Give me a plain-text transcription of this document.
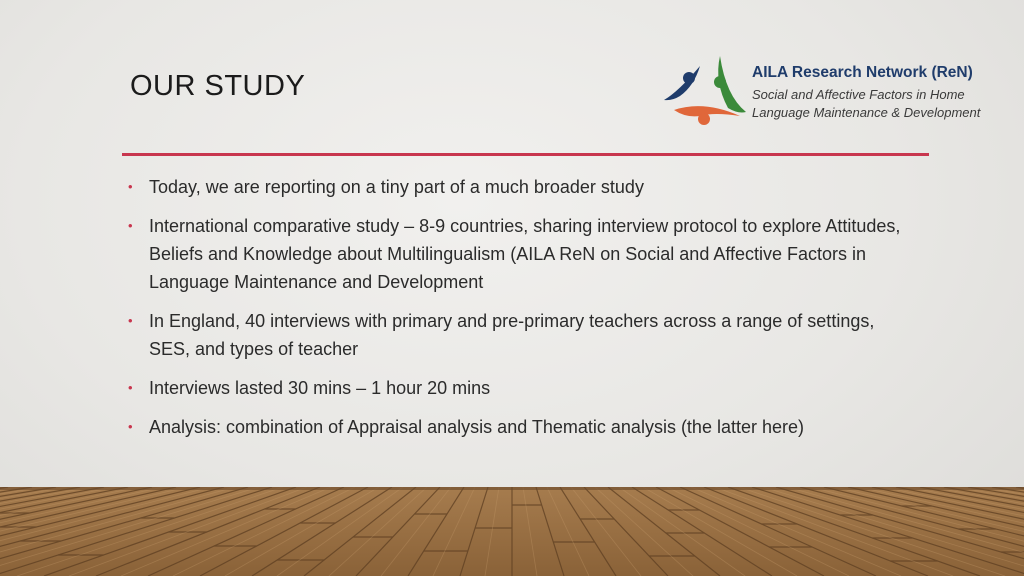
OUR STUDY	AILA Research Network (ReN)
Social and Affective Factors in Home
Language Maintenance & Development
• Today, we are reporting on a tiny part of a much broader study
• International comparative study – 8-9 countries, sharing interview protocol to explore Attitudes, Beliefs and Knowledge about Multilingualism (AILA ReN on Social and Affective Factors in Language Maintenance and Development
• In England, 40 interviews with primary and pre-primary teachers across a range of settings, SES, and types of teacher
• Interviews lasted 30 mins – 1 hour 20 mins
• Analysis: combination of Appraisal analysis and Thematic analysis (the latter here)
